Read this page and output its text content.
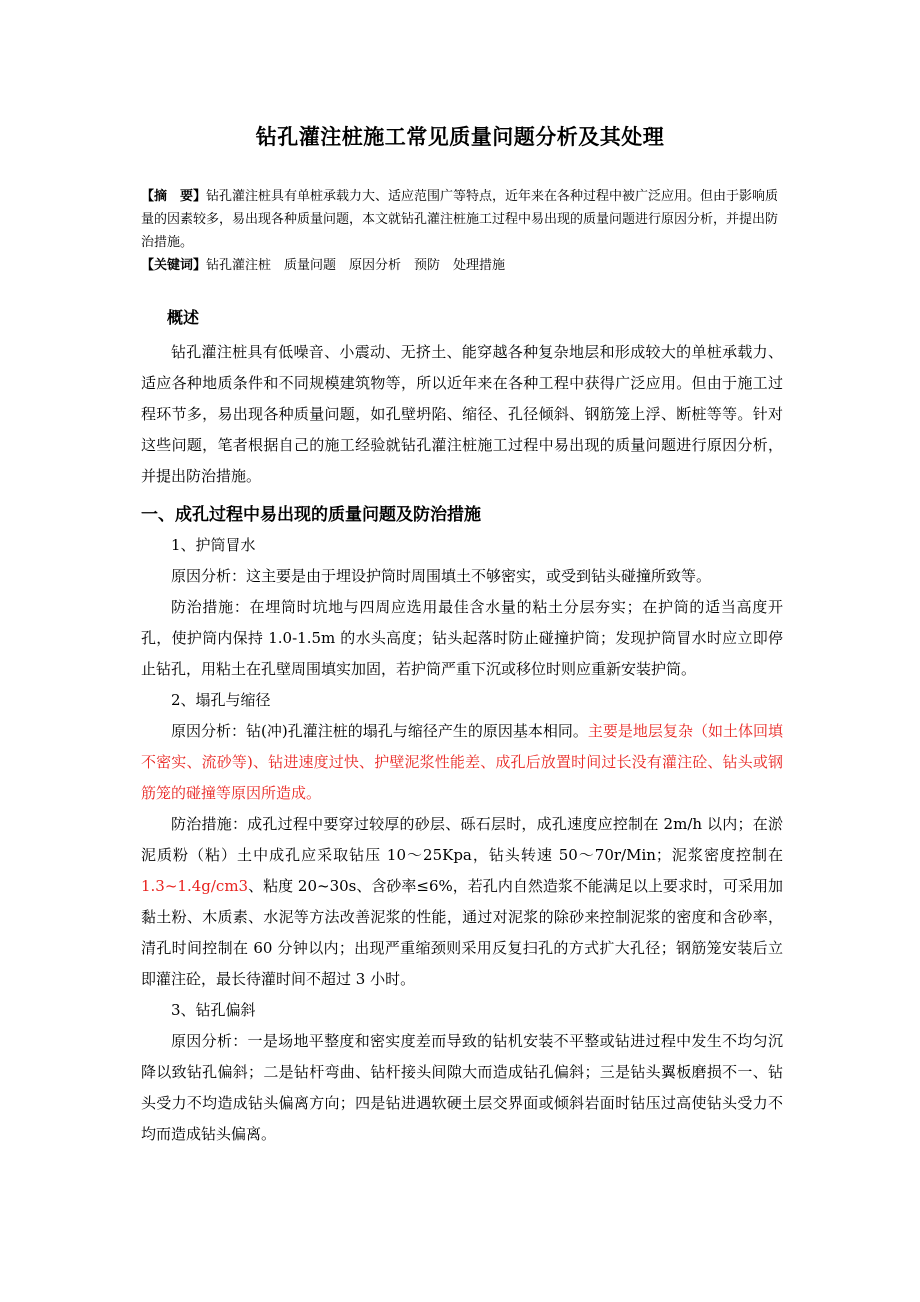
钻孔灌注桩施工常见质量问题分析及其处理

【摘　要】钻孔灌注桩具有单桩承载力大、适应范围广等特点，近年来在各种过程中被广泛应用。但由于影响质量的因素较多，易出现各种质量问题，本文就钻孔灌注桩施工过程中易出现的质量问题进行原因分析，并提出防治措施。

【关键词】钻孔灌注桩　质量问题　原因分析　预防　处理措施

概述

钻孔灌注桩具有低噪音、小震动、无挤土、能穿越各种复杂地层和形成较大的单桩承载力、适应各种地质条件和不同规模建筑物等，所以近年来在各种工程中获得广泛应用。但由于施工过程环节多，易出现各种质量问题，如孔壁坍陷、缩径、孔径倾斜、钢筋笼上浮、断桩等等。针对这些问题，笔者根据自己的施工经验就钻孔灌注桩施工过程中易出现的质量问题进行原因分析，并提出防治措施。

一、成孔过程中易出现的质量问题及防治措施

1、护筒冒水

原因分析：这主要是由于埋设护筒时周围填土不够密实，或受到钻头碰撞所致等。

防治措施：在埋筒时坑地与四周应选用最佳含水量的粘土分层夯实；在护筒的适当高度开孔，使护筒内保持 1.0-1.5m 的水头高度；钻头起落时防止碰撞护筒；发现护筒冒水时应立即停止钻孔，用粘土在孔壁周围填实加固，若护筒严重下沉或移位时则应重新安装护筒。

2、塌孔与缩径

原因分析：钻(冲)孔灌注桩的塌孔与缩径产生的原因基本相同。主要是地层复杂（如土体回填不密实、流砂等)、钻进速度过快、护壁泥浆性能差、成孔后放置时间过长没有灌注砼、钻头或钢筋笼的碰撞等原因所造成。

防治措施：成孔过程中要穿过较厚的砂层、砾石层时，成孔速度应控制在 2m/h 以内；在淤泥质粉（粘）土中成孔应采取钻压 10～25Kpa，钻头转速 50～70r/Min；泥浆密度控制在 1.3~1.4g/cm3、粘度 20~30s、含砂率≤6%，若孔内自然造浆不能满足以上要求时，可采用加黏土粉、木质素、水泥等方法改善泥浆的性能，通过对泥浆的除砂来控制泥浆的密度和含砂率，清孔时间控制在 60 分钟以内；出现严重缩颈则采用反复扫孔的方式扩大孔径；钢筋笼安装后立即灌注砼，最长待灌时间不超过 3 小时。

3、钻孔偏斜

原因分析：一是场地平整度和密实度差而导致的钻机安装不平整或钻进过程中发生不均匀沉降以致钻孔偏斜；二是钻杆弯曲、钻杆接头间隙大而造成钻孔偏斜；三是钻头翼板磨损不一、钻头受力不均造成钻头偏离方向；四是钻进遇软硬土层交界面或倾斜岩面时钻压过高使钻头受力不均而造成钻头偏离。
